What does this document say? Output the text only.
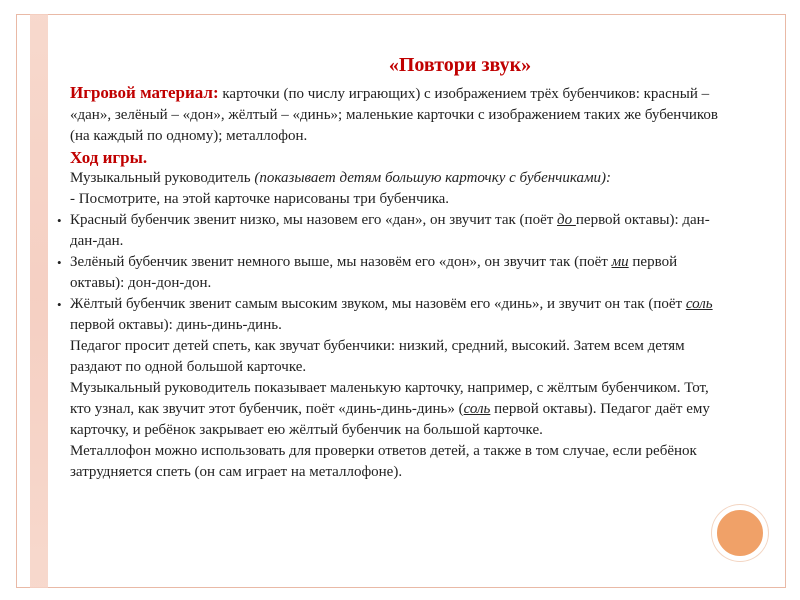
«Повтори звук»

Игровой материал: карточки (по числу играющих) с изображением трёх бубенчиков: красный – «дан», зелёный – «дон», жёлтый – «динь»; маленькие карточки с изображением таких же бубенчиков (на каждый по одному); металлофон.

Ход игры.

Музыкальный руководитель (показывает детям большую карточку с бубенчиками):

- Посмотрите, на этой карточке нарисованы три бубенчика.

• Красный бубенчик звенит низко, мы назовем его «дан», он звучит так (поёт до первой октавы): дан-дан-дан.

• Зелёный бубенчик звенит немного выше, мы назовём его «дон», он звучит так (поёт ми первой октавы): дон-дон-дон.

• Жёлтый бубенчик звенит самым высоким звуком, мы назовём его «динь», и звучит он так (поёт соль первой октавы): динь-динь-динь.

Педагог просит детей спеть, как звучат бубенчики: низкий, средний, высокий. Затем всем детям раздают по одной большой карточке.

Музыкальный руководитель показывает маленькую карточку, например, с жёлтым бубенчиком. Тот, кто узнал, как звучит этот бубенчик, поёт «динь-динь-динь» (соль первой октавы). Педагог даёт ему карточку, и ребёнок закрывает ею жёлтый бубенчик на большой карточке.

Металлофон можно использовать для проверки ответов детей, а также в том случае, если ребёнок затрудняется спеть (он сам играет на металлофоне).
